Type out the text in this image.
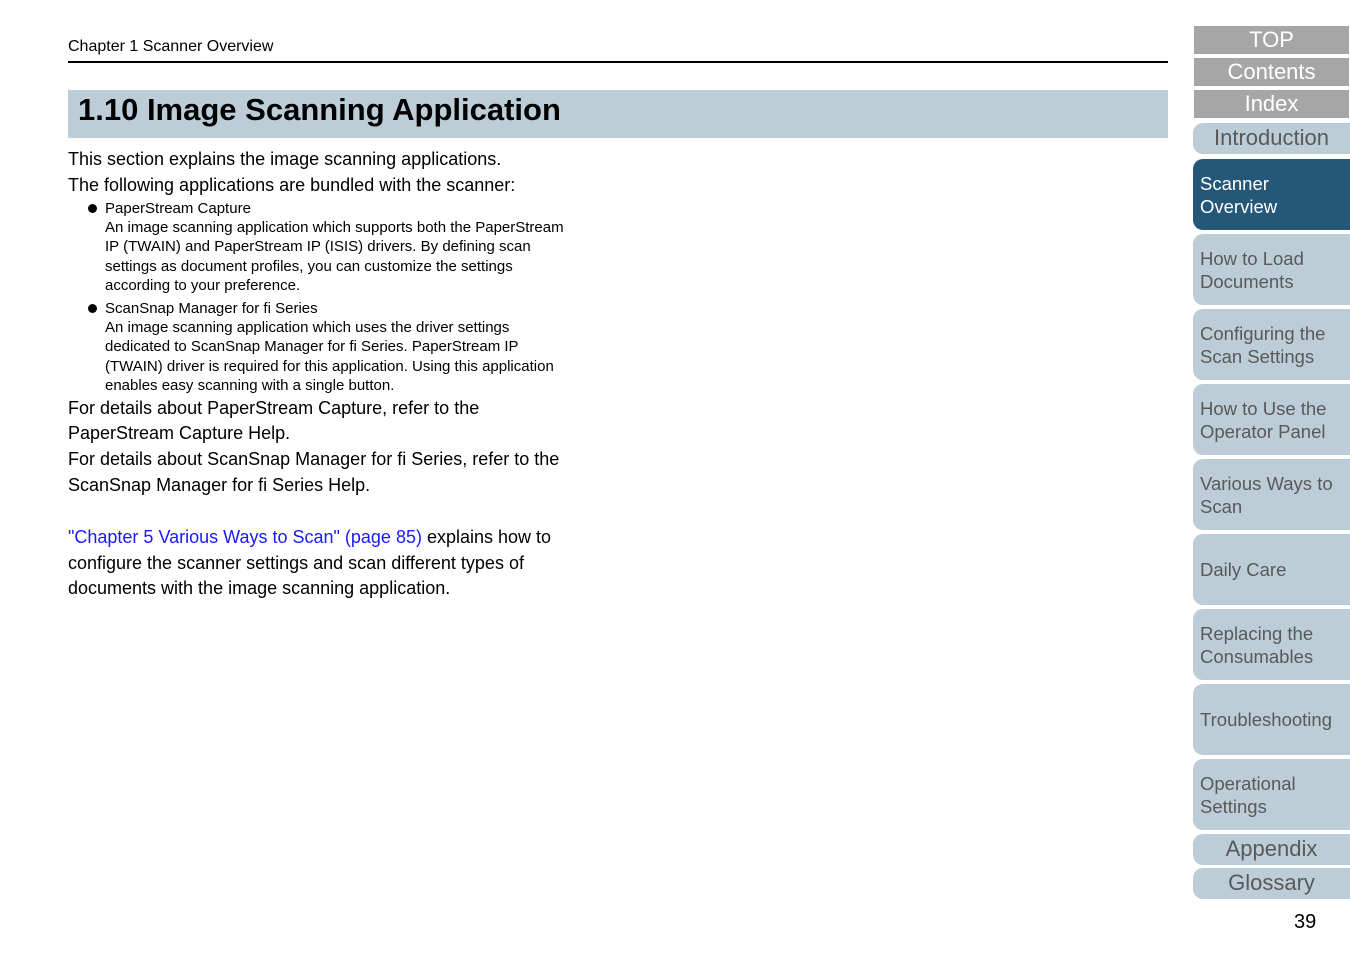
Chapter 1 Scanner Overview
1.10 Image Scanning Application

This section explains the image scanning applications.

The following applications are bundled with the scanner:

PaperStream Capture
An image scanning application which supports both the PaperStream
IP (TWAIN) and PaperStream IP (ISIS) drivers. By defining scan
settings as document profiles, you can customize the settings
according to your preference.
ScanSnap Manager for fi Series
An image scanning application which uses the driver settings
dedicated to ScanSnap Manager for fi Series. PaperStream IP
(TWAIN) driver is required for this application. Using this application
enables easy scanning with a single button.

For details about PaperStream Capture, refer to the

PaperStream Capture Help.

For details about ScanSnap Manager for fi Series, refer to the

ScanSnap Manager for fi Series Help.

"Chapter 5 Various Ways to Scan" (page 85) explains how to

configure the scanner settings and scan different types of

documents with the image scanning application.

TOP
Contents
Index
Introduction
Scanner
Overview
How to Load
Documents
Configuring the
Scan Settings
How to Use the
Operator Panel
Various Ways to
Scan
Daily Care
Replacing the
Consumables
Troubleshooting
Operational
Settings
Appendix
Glossary
39
